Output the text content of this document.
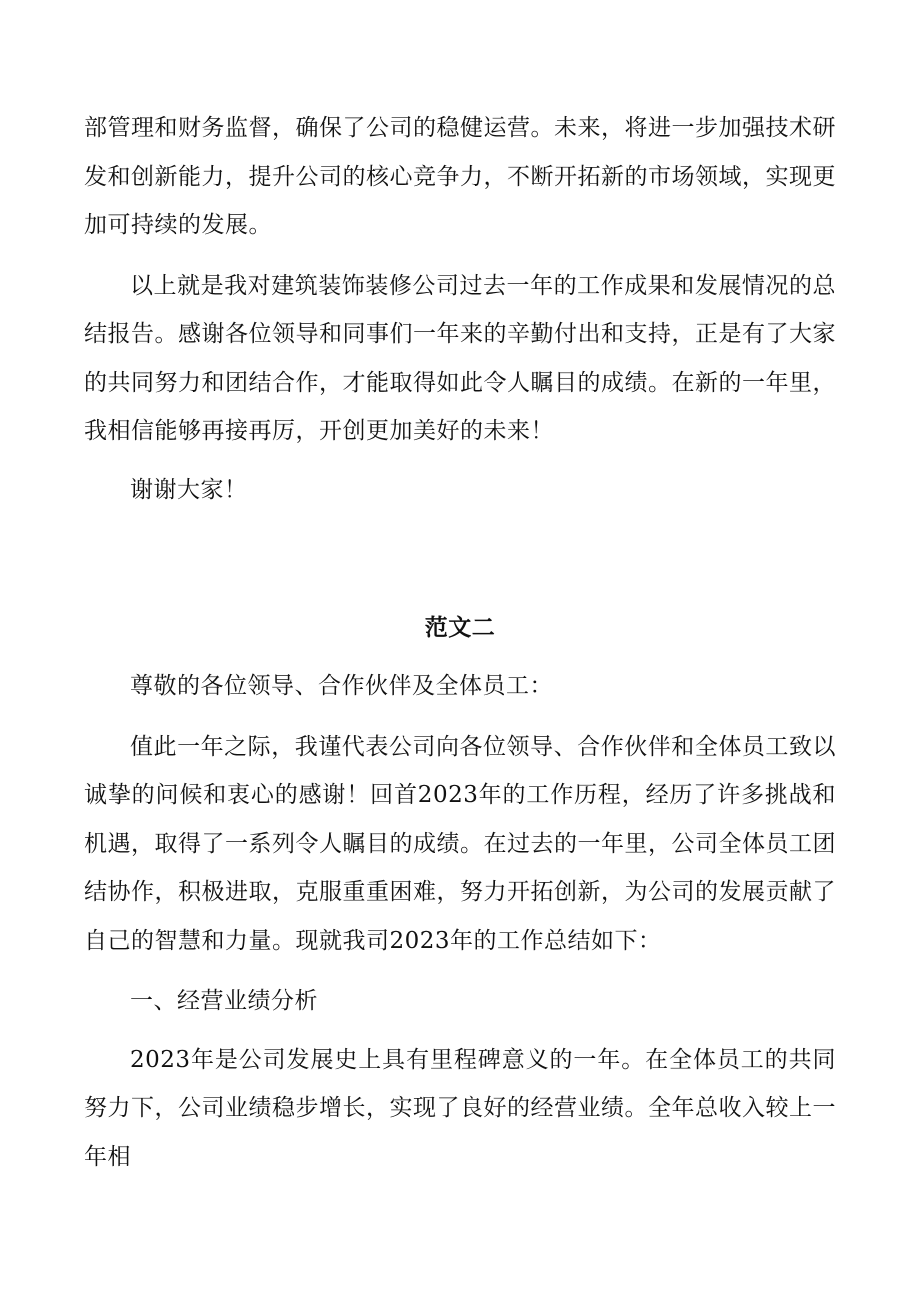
部管理和财务监督，确保了公司的稳健运营。未来，将进一步加强技术研发和创新能力，提升公司的核心竞争力，不断开拓新的市场领域，实现更加可持续的发展。

以上就是我对建筑装饰装修公司过去一年的工作成果和发展情况的总结报告。感谢各位领导和同事们一年来的辛勤付出和支持，正是有了大家的共同努力和团结合作，才能取得如此令人瞩目的成绩。在新的一年里，我相信能够再接再厉，开创更加美好的未来！

谢谢大家！

范文二

尊敬的各位领导、合作伙伴及全体员工：

值此一年之际，我谨代表公司向各位领导、合作伙伴和全体员工致以诚挚的问候和衷心的感谢！回首2023年的工作历程，经历了许多挑战和机遇，取得了一系列令人瞩目的成绩。在过去的一年里，公司全体员工团结协作，积极进取，克服重重困难，努力开拓创新，为公司的发展贡献了自己的智慧和力量。现就我司2023年的工作总结如下：

一、经营业绩分析

2023年是公司发展史上具有里程碑意义的一年。在全体员工的共同努力下，公司业绩稳步增长，实现了良好的经营业绩。全年总收入较上一年相
